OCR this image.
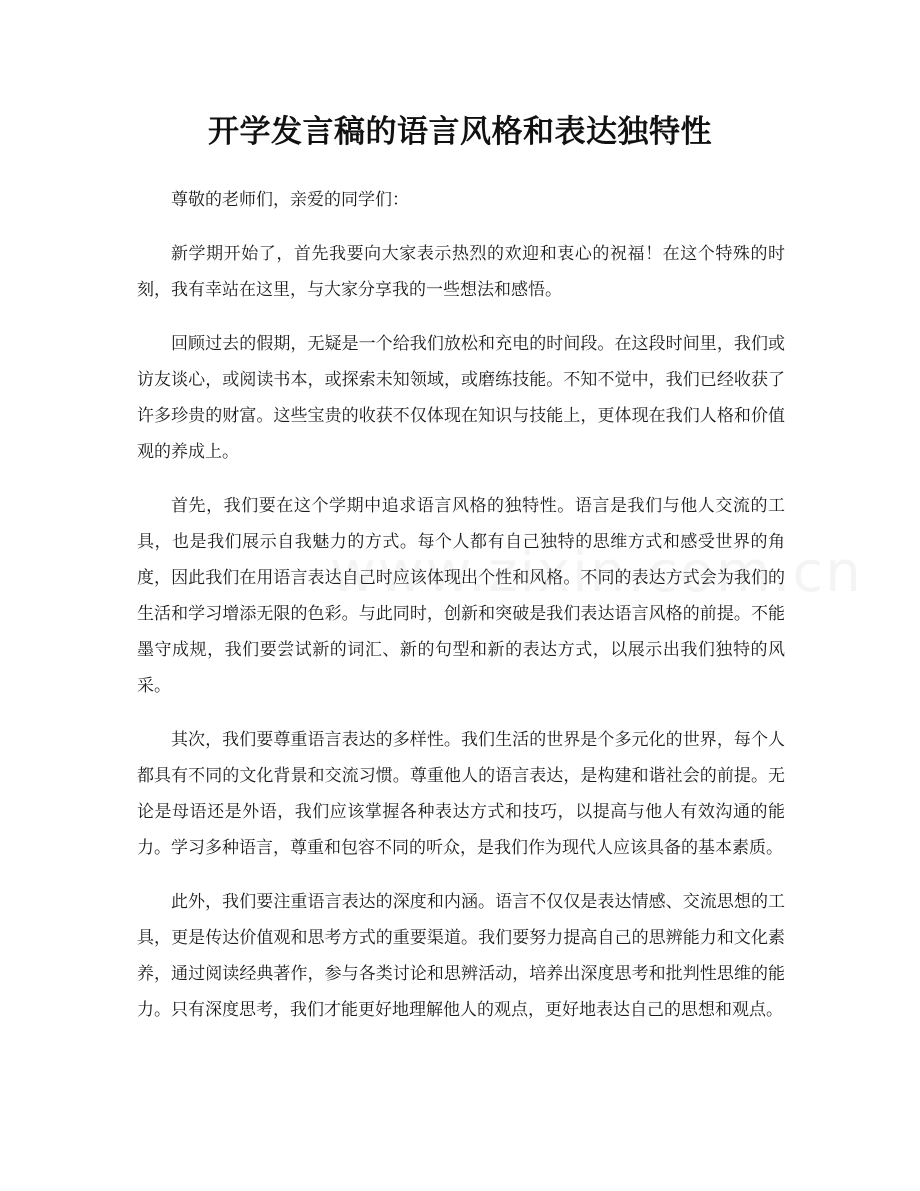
开学发言稿的语言风格和表达独特性

尊敬的老师们，亲爱的同学们：

新学期开始了，首先我要向大家表示热烈的欢迎和衷心的祝福！在这个特殊的时刻，我有幸站在这里，与大家分享我的一些想法和感悟。

回顾过去的假期，无疑是一个给我们放松和充电的时间段。在这段时间里，我们或访友谈心，或阅读书本，或探索未知领域，或磨练技能。不知不觉中，我们已经收获了许多珍贵的财富。这些宝贵的收获不仅体现在知识与技能上，更体现在我们人格和价值观的养成上。

首先，我们要在这个学期中追求语言风格的独特性。语言是我们与他人交流的工具，也是我们展示自我魅力的方式。每个人都有自己独特的思维方式和感受世界的角度，因此我们在用语言表达自己时应该体现出个性和风格。不同的表达方式会为我们的生活和学习增添无限的色彩。与此同时，创新和突破是我们表达语言风格的前提。不能墨守成规，我们要尝试新的词汇、新的句型和新的表达方式，以展示出我们独特的风采。

其次，我们要尊重语言表达的多样性。我们生活的世界是个多元化的世界，每个人都具有不同的文化背景和交流习惯。尊重他人的语言表达，是构建和谐社会的前提。无论是母语还是外语，我们应该掌握各种表达方式和技巧，以提高与他人有效沟通的能力。学习多种语言，尊重和包容不同的听众，是我们作为现代人应该具备的基本素质。

此外，我们要注重语言表达的深度和内涵。语言不仅仅是表达情感、交流思想的工具，更是传达价值观和思考方式的重要渠道。我们要努力提高自己的思辨能力和文化素养，通过阅读经典著作，参与各类讨论和思辨活动，培养出深度思考和批判性思维的能力。只有深度思考，我们才能更好地理解他人的观点，更好地表达自己的思想和观点。
